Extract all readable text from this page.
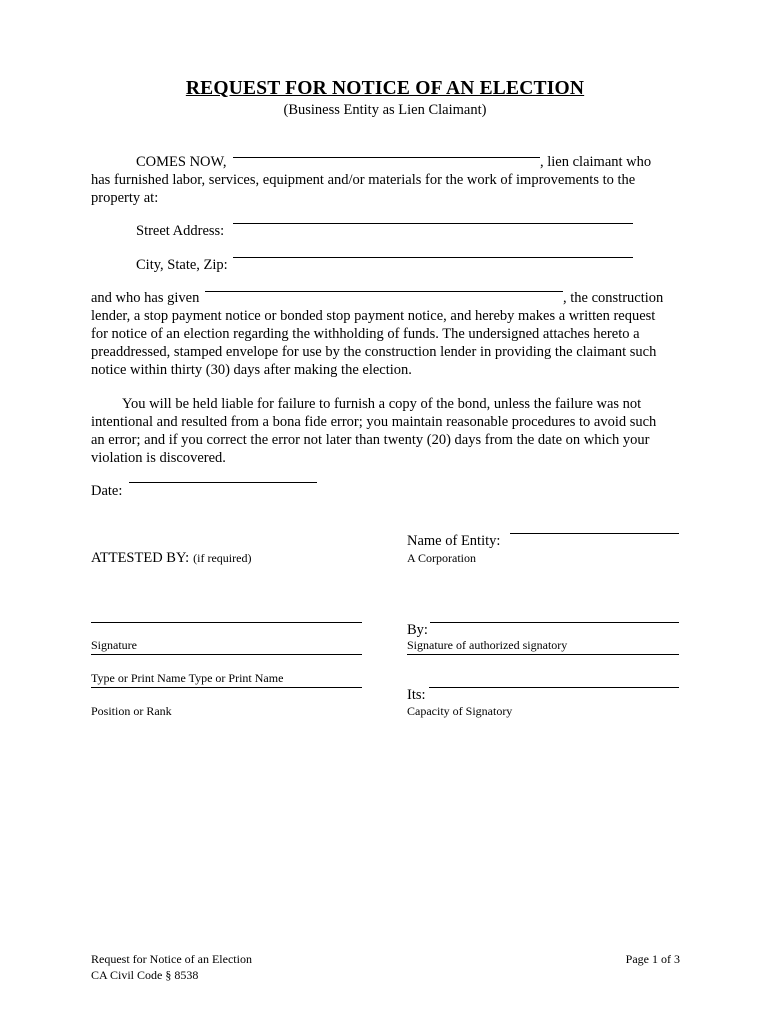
REQUEST FOR NOTICE OF AN ELECTION
(Business Entity as Lien Claimant)
COMES NOW,	, lien claimant who
has furnished labor, services, equipment and/or materials for the work of improvements to the
property at:
Street Address:
City, State, Zip:
and who has given	, the construction
lender, a stop payment notice or bonded stop payment notice, and hereby makes a written request
for notice of an election regarding the withholding of funds. The undersigned attaches hereto a
preaddressed, stamped envelope for use by the construction lender in providing the claimant such
notice within thirty (30) days after making the election.
You will be held liable for failure to furnish a copy of the bond, unless the failure was not
intentional and resulted from a bona fide error; you maintain reasonable procedures to avoid such
an error; and if you correct the error not later than twenty (20) days from the date on which your
violation is discovered.
Date:
Name of Entity:
A Corporation
ATTESTED BY: (if required)
By:
Signature	Signature of authorized signatory
Type or Print Name Type or Print Name
Its:
Position or Rank	Capacity of Signatory
Request for Notice of an Election
CA Civil Code § 8538
Page 1 of 3
